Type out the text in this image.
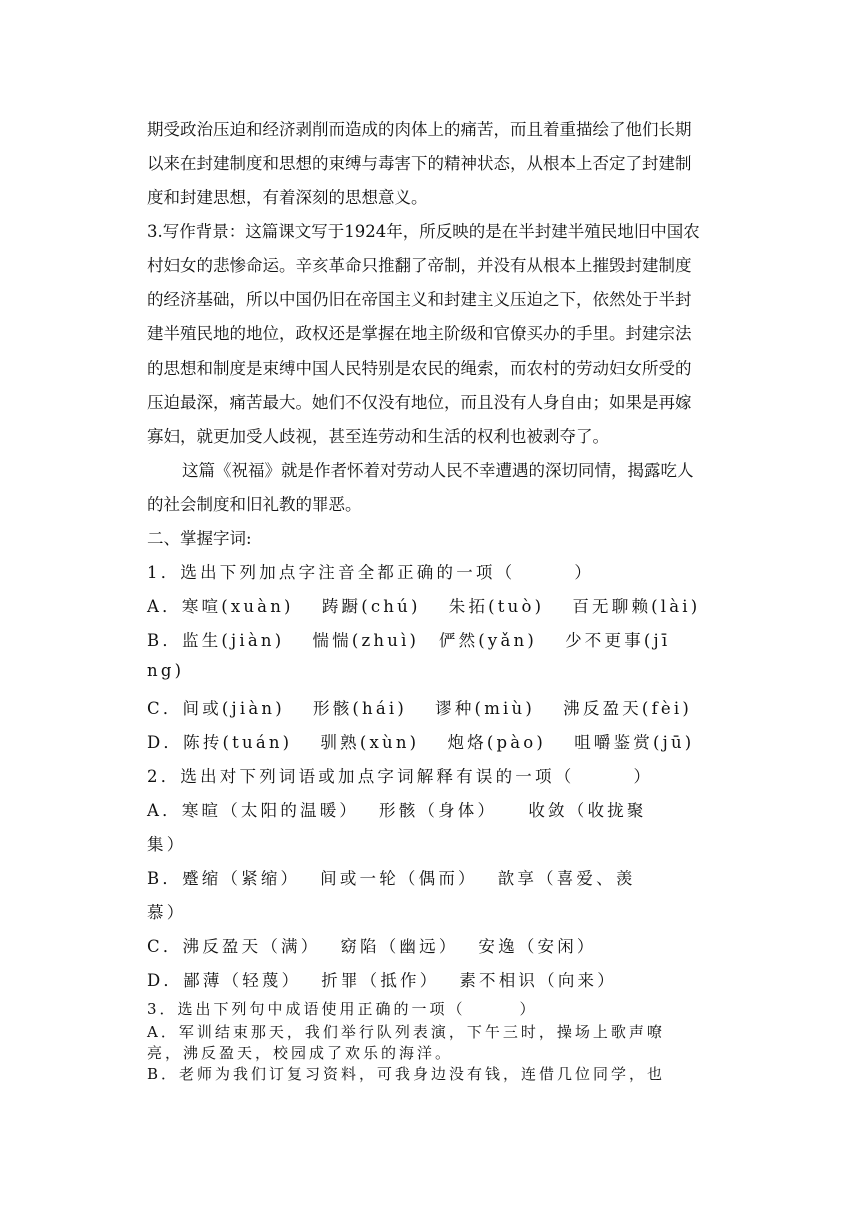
期受政治压迫和经济剥削而造成的肉体上的痛苦，而且着重描绘了他们长期
以来在封建制度和思想的束缚与毒害下的精神状态，从根本上否定了封建制
度和封建思想，有着深刻的思想意义。
3.写作背景：这篇课文写于1924年，所反映的是在半封建半殖民地旧中国农
村妇女的悲惨命运。辛亥革命只推翻了帝制，并没有从根本上摧毁封建制度
的经济基础，所以中国仍旧在帝国主义和封建主义压迫之下，依然处于半封
建半殖民地的地位，政权还是掌握在地主阶级和官僚买办的手里。封建宗法
的思想和制度是束缚中国人民特别是农民的绳索，而农村的劳动妇女所受的
压迫最深，痛苦最大。她们不仅没有地位，而且没有人身自由；如果是再嫁
寡妇，就更加受人歧视，甚至连劳动和生活的权利也被剥夺了。
这篇《祝福》就是作者怀着对劳动人民不幸遭遇的深切同情，揭露吃人
的社会制度和旧礼教的罪恶。
二、掌握字词:
1．选出下列加点字注音全都正确的一项（　　　）
A．寒喧(xuàn)　 踌蹰(chú)　 朱拓(tuò)　 百无聊赖(lài)
B．监生(jiàn)　 惴惴(zhuì)　俨然(yǎn)　 少不更事(jī
ng)
C．间或(jiàn)　 形骸(hái)　 谬种(miù)　 沸反盈天(fèi)
D．陈抟(tuán)　 驯熟(xùn)　 炮烙(pào)　 咀嚼鉴赏(jū)
2．选出对下列词语或加点字词解释有误的一项（　　　）
A．寒暄（太阳的温暖）　 形骸（身体）　　收敛（收拢聚
集）
B．蹙缩（紧缩）　 间或一轮（偶而）　 歆享（喜爱、羡
慕）
C．沸反盈天（满）　 窈陷（幽远）　 安逸（安闲）
D．鄙薄（轻蔑）　 折罪（抵作）　 素不相识（向来）
3．选出下列句中成语使用正确的一项（　　　）
A．军训结束那天，我们举行队列表演，下午三时，操场上歌声嘹
亮，沸反盈天，校园成了欢乐的海洋。
B．老师为我们订复习资料，可我身边没有钱，连借几位同学，也
